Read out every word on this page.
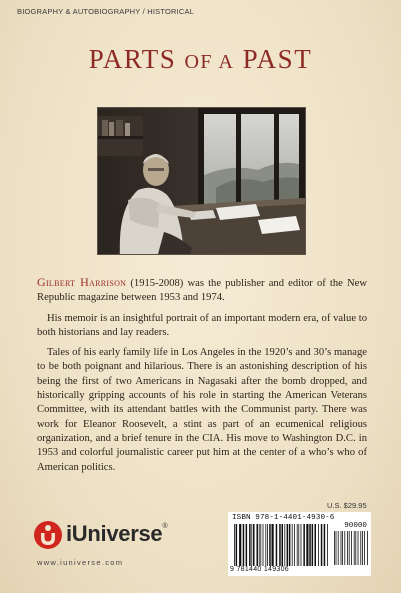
BIOGRAPHY & AUTOBIOGRAPHY / HISTORICAL
PARTS OF A PAST

Gilbert Harrison (1915-2008) was the publisher and editor of the New Republic magazine between 1953 and 1974.

His memoir is an insightful portrait of an important modern era, of value to both historians and lay readers.

Tales of his early family life in Los Angeles in the 1920’s and 30’s manage to be both poignant and hilarious. There is an astonishing description of his being the first of two Americans in Nagasaki after the bomb dropped, and historically gripping accounts of his role in starting the American Veterans Committee, with its attendant battles with the Communist party. There was work for Eleanor Roosevelt, a stint as part of an ecumenical religious organization, and a brief tenure in the CIA. His move to Washington D.C. in 1953 and colorful journalistic career put him at the center of a who’s who of American politics.

U.S. $29.95
ISBN 978-1-4401-4930-6
90000
9 781440 149306
iUniverse®
www.iuniverse.com
